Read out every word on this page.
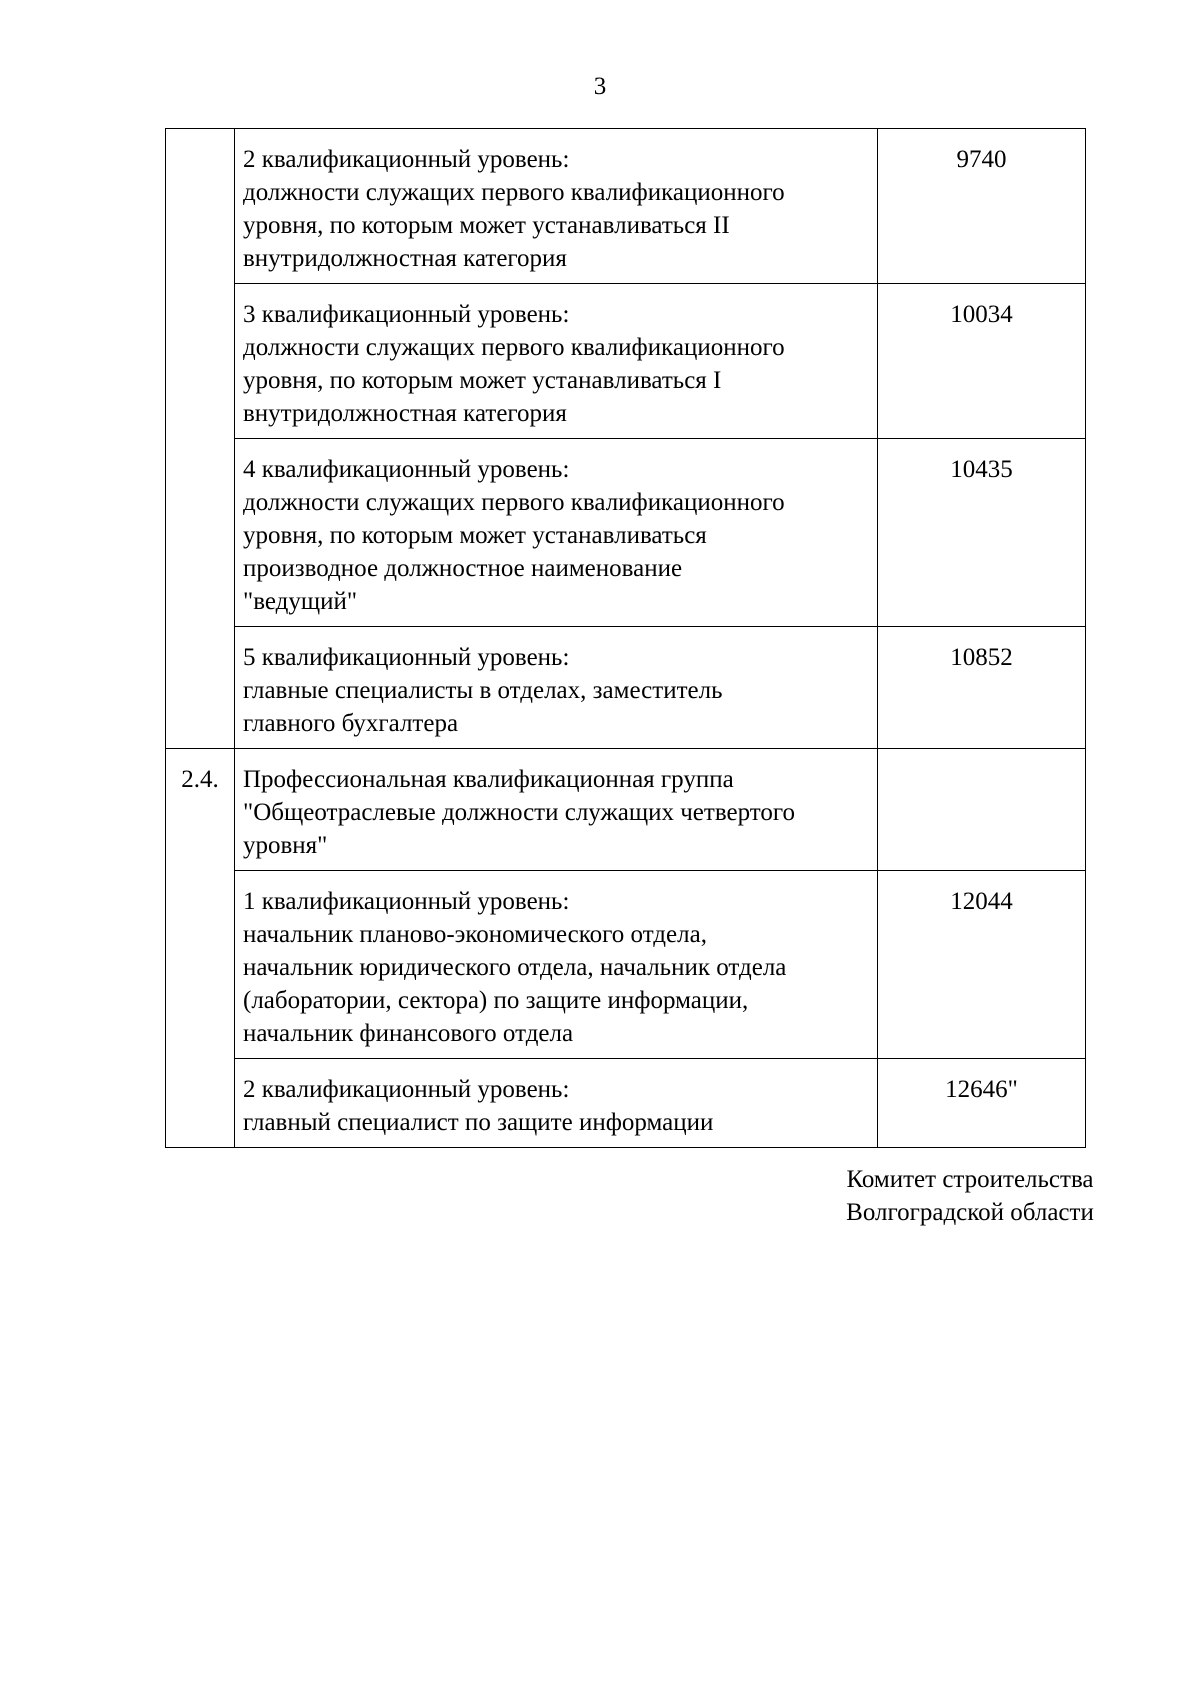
3

	2 квалификационный уровень:
должности служащих первого квалификационного
уровня, по которым может устанавливаться II
внутридолжностная категория	9740

	3 квалификационный уровень:
должности служащих первого квалификационного
уровня, по которым может устанавливаться I
внутридолжностная категория	10034

	4 квалификационный уровень:
должности служащих первого квалификационного
уровня, по которым может устанавливаться
производное должностное наименование
"ведущий"	10435

	5 квалификационный уровень:
главные специалисты в отделах, заместитель
главного бухгалтера	10852
2.4.	Профессиональная квалификационная группа
"Общеотраслевые должности служащих четвертого
уровня"	

	1 квалификационный уровень:
начальник планово-экономического отдела,
начальник юридического отдела, начальник отдела
(лаборатории, сектора) по защите информации,
начальник финансового отдела	12044

	2 квалификационный уровень:
главный специалист по защите информации	12646"
Комитет строительства
Волгоградской области
